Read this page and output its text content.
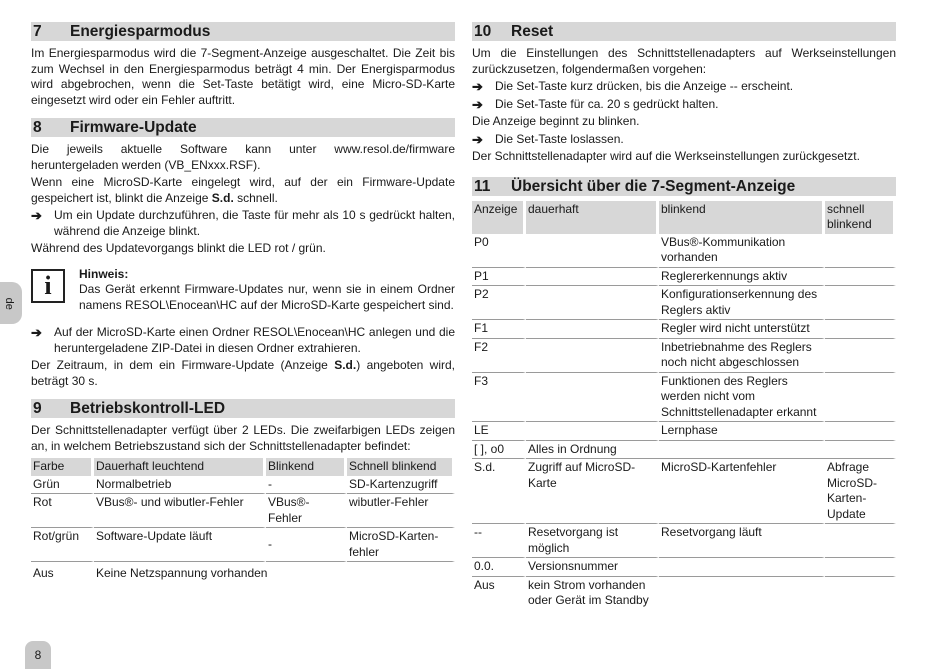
de
7 Energiesparmodus

Im Energiesparmodus wird die 7-Segment-Anzeige ausgeschaltet. Die Zeit bis zum Wechsel in den Energiesparmodus beträgt 4 min. Der Energisparmodus wird abgebrochen, wenn die Set-Taste betätigt wird, eine Micro-SD-Karte eingesetzt wird oder ein Fehler auftritt.

8 Firmware-Update

Die jeweils aktuelle Software kann unter www.resol.de/firmware heruntergeladen werden (VB_ENxxx.RSF).

Wenn eine MicroSD-Karte eingelegt wird, auf der ein Firmware-Update gespeichert ist, blinkt die Anzeige S.d. schnell.

➔	Um ein Update durchzuführen, die Taste für mehr als 10 s gedrückt halten, während die Anzeige blinkt.

Während des Updatevorgangs blinkt die LED rot / grün.

i	Hinweis:
Das Gerät erkennt Firmware-Updates nur, wenn sie in einem Ordner namens RESOL\Enocean\HC auf der MicroSD-Karte gespeichert sind.
➔	Auf der MicroSD-Karte einen Ordner RESOL\Enocean\HC anlegen und die heruntergeladene ZIP-Datei in diesen Ordner extrahieren.

Der Zeitraum, in dem ein Firmware-Update (Anzeige S.d.) angeboten wird, beträgt 30 s.

9 Betriebskontroll-LED

Der Schnittstellenadapter verfügt über 2 LEDs. Die zweifarbigen LEDs zeigen an, in welchem Betriebszustand sich der Schnittstellenadapter befindet:

Farbe	Dauerhaft leuchtend	Blinkend	Schnell blinkend
Grün	Normalbetrieb	-	SD-Kartenzugriff
Rot	VBus®- und wibutler-Fehler	VBus®-Fehler	wibutler-Fehler
Rot/grün	Software-Update läuft	-	MicroSD-Karten-fehler
Aus	Keine Netzspannung vorhanden		
10 Reset

Um die Einstellungen des Schnittstellenadapters auf Werkseinstellungen zurückzusetzen, folgendermaßen vorgehen:

➔	Die Set-Taste kurz drücken, bis die Anzeige -- erscheint.
➔	Die Set-Taste für ca. 20 s gedrückt halten.

Die Anzeige beginnt zu blinken.

➔	Die Set-Taste loslassen.

Der Schnittstellenadapter wird auf die Werkseinstellungen zurückgesetzt.

11 Übersicht über die 7-Segment-Anzeige
Anzeige	dauerhaft	blinkend	schnell blinkend
P0		VBus®-Kommunikation vorhanden	
P1		Reglererkennungs aktiv	
P2		Konfigurationserkennung des Reglers aktiv	
F1		Regler wird nicht unterstützt	
F2		Inbetriebnahme des Reglers noch nicht abgeschlossen	
F3		Funktionen des Reglers werden nicht vom Schnittstellenadapter erkannt	
LE		Lernphase	
[ ], o0	Alles in Ordnung		
S.d.	Zugriff auf MicroSD-Karte	MicroSD-Kartenfehler	Abfrage MicroSD-Karten-Update
--	Resetvorgang ist möglich	Resetvorgang läuft	
0.0.	Versionsnummer		
Aus	kein Strom vorhanden oder Gerät im Standby		
8
